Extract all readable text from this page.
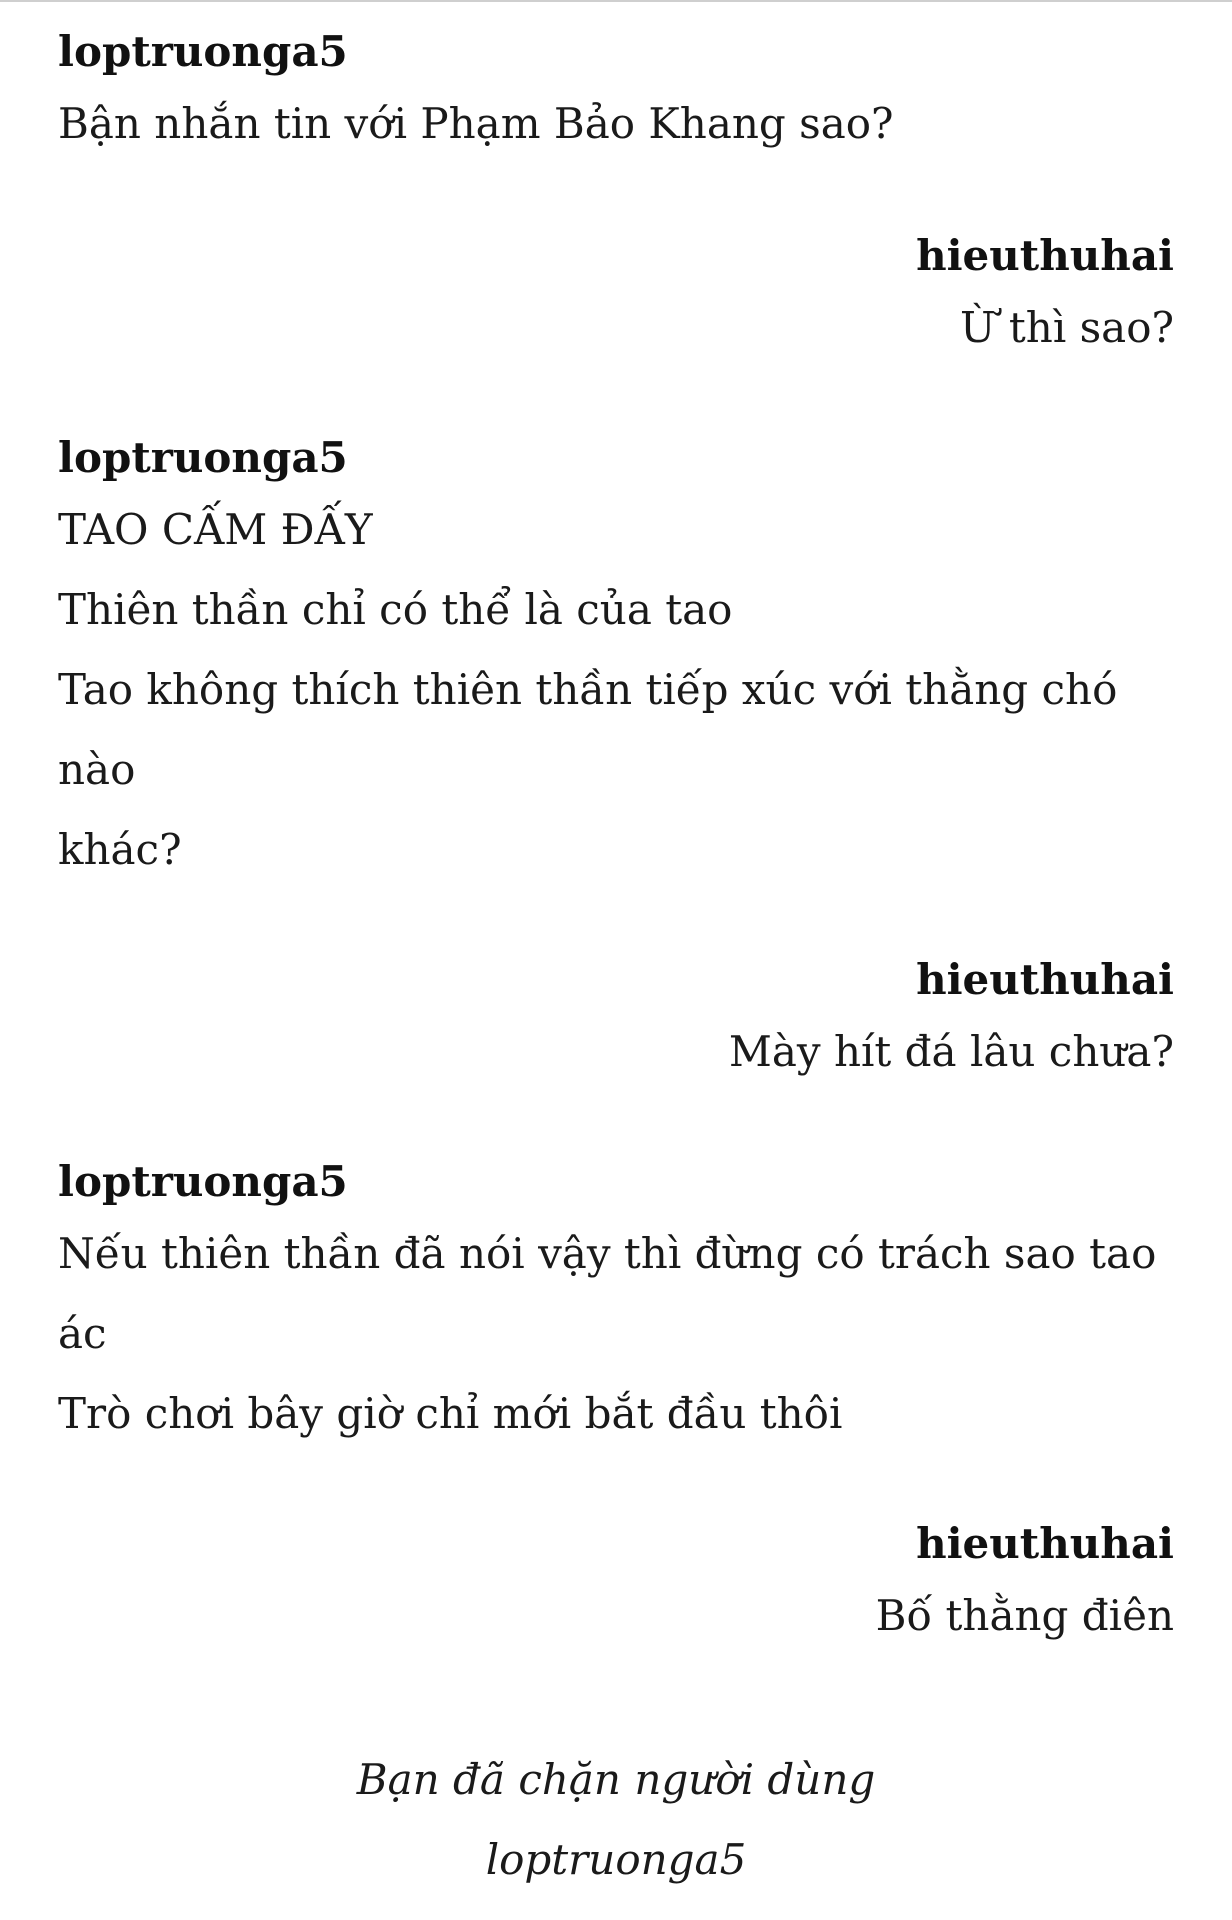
loptruonga5
Bận nhắn tin với Phạm Bảo Khang sao?
hieuthuhai
Ừ thì sao?
loptruonga5
TAO CẤM ĐẤY
Thiên thần chỉ có thể là của tao
Tao không thích thiên thần tiếp xúc với thằng chó nào
khác?
hieuthuhai
Mày hít đá lâu chưa?
loptruonga5
Nếu thiên thần đã nói vậy thì đừng có trách sao tao ác
Trò chơi bây giờ chỉ mới bắt đầu thôi
hieuthuhai
Bố thằng điên
Bạn đã chặn người dùng
loptruonga5
